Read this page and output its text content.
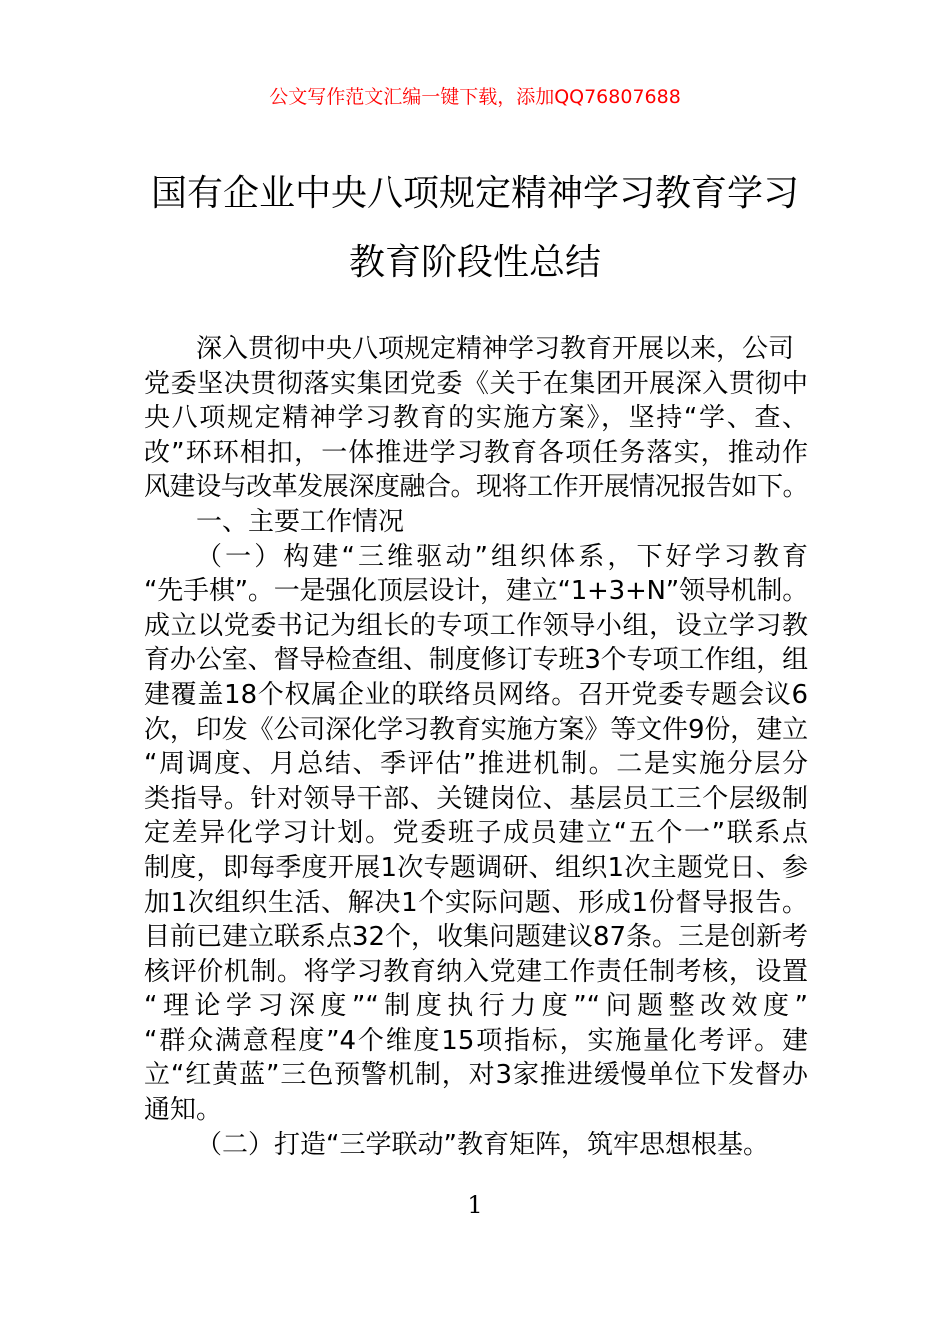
公文写作范文汇编一键下载，添加QQ76807688
国有企业中央八项规定精神学习教育学习
教育阶段性总结
深入贯彻中央八项规定精神学习教育开展以来，公司
党委坚决贯彻落实集团党委《关于在集团开展深入贯彻中
央八项规定精神学习教育的实施方案》，坚持“学、查、
改”环环相扣，一体推进学习教育各项任务落实，推动作
风建设与改革发展深度融合。现将工作开展情况报告如下。
一、主要工作情况
（一）构建“三维驱动”组织体系，下好学习教育
“先手棋”。一是强化顶层设计，建立“1+3+N”领导机制。
成立以党委书记为组长的专项工作领导小组，设立学习教
育办公室、督导检查组、制度修订专班3个专项工作组，组
建覆盖18个权属企业的联络员网络。召开党委专题会议6
次，印发《公司深化学习教育实施方案》等文件9份，建立
“周调度、月总结、季评估”推进机制。二是实施分层分
类指导。针对领导干部、关键岗位、基层员工三个层级制
定差异化学习计划。党委班子成员建立“五个一”联系点
制度，即每季度开展1次专题调研、组织1次主题党日、参
加1次组织生活、解决1个实际问题、形成1份督导报告。
目前已建立联系点32个，收集问题建议87条。三是创新考
核评价机制。将学习教育纳入党建工作责任制考核，设置
“理论学习深度”“制度执行力度”“问题整改效度”
“群众满意程度”4个维度15项指标，实施量化考评。建
立“红黄蓝”三色预警机制，对3家推进缓慢单位下发督办
通知。
（二）打造“三学联动”教育矩阵，筑牢思想根基。
1
